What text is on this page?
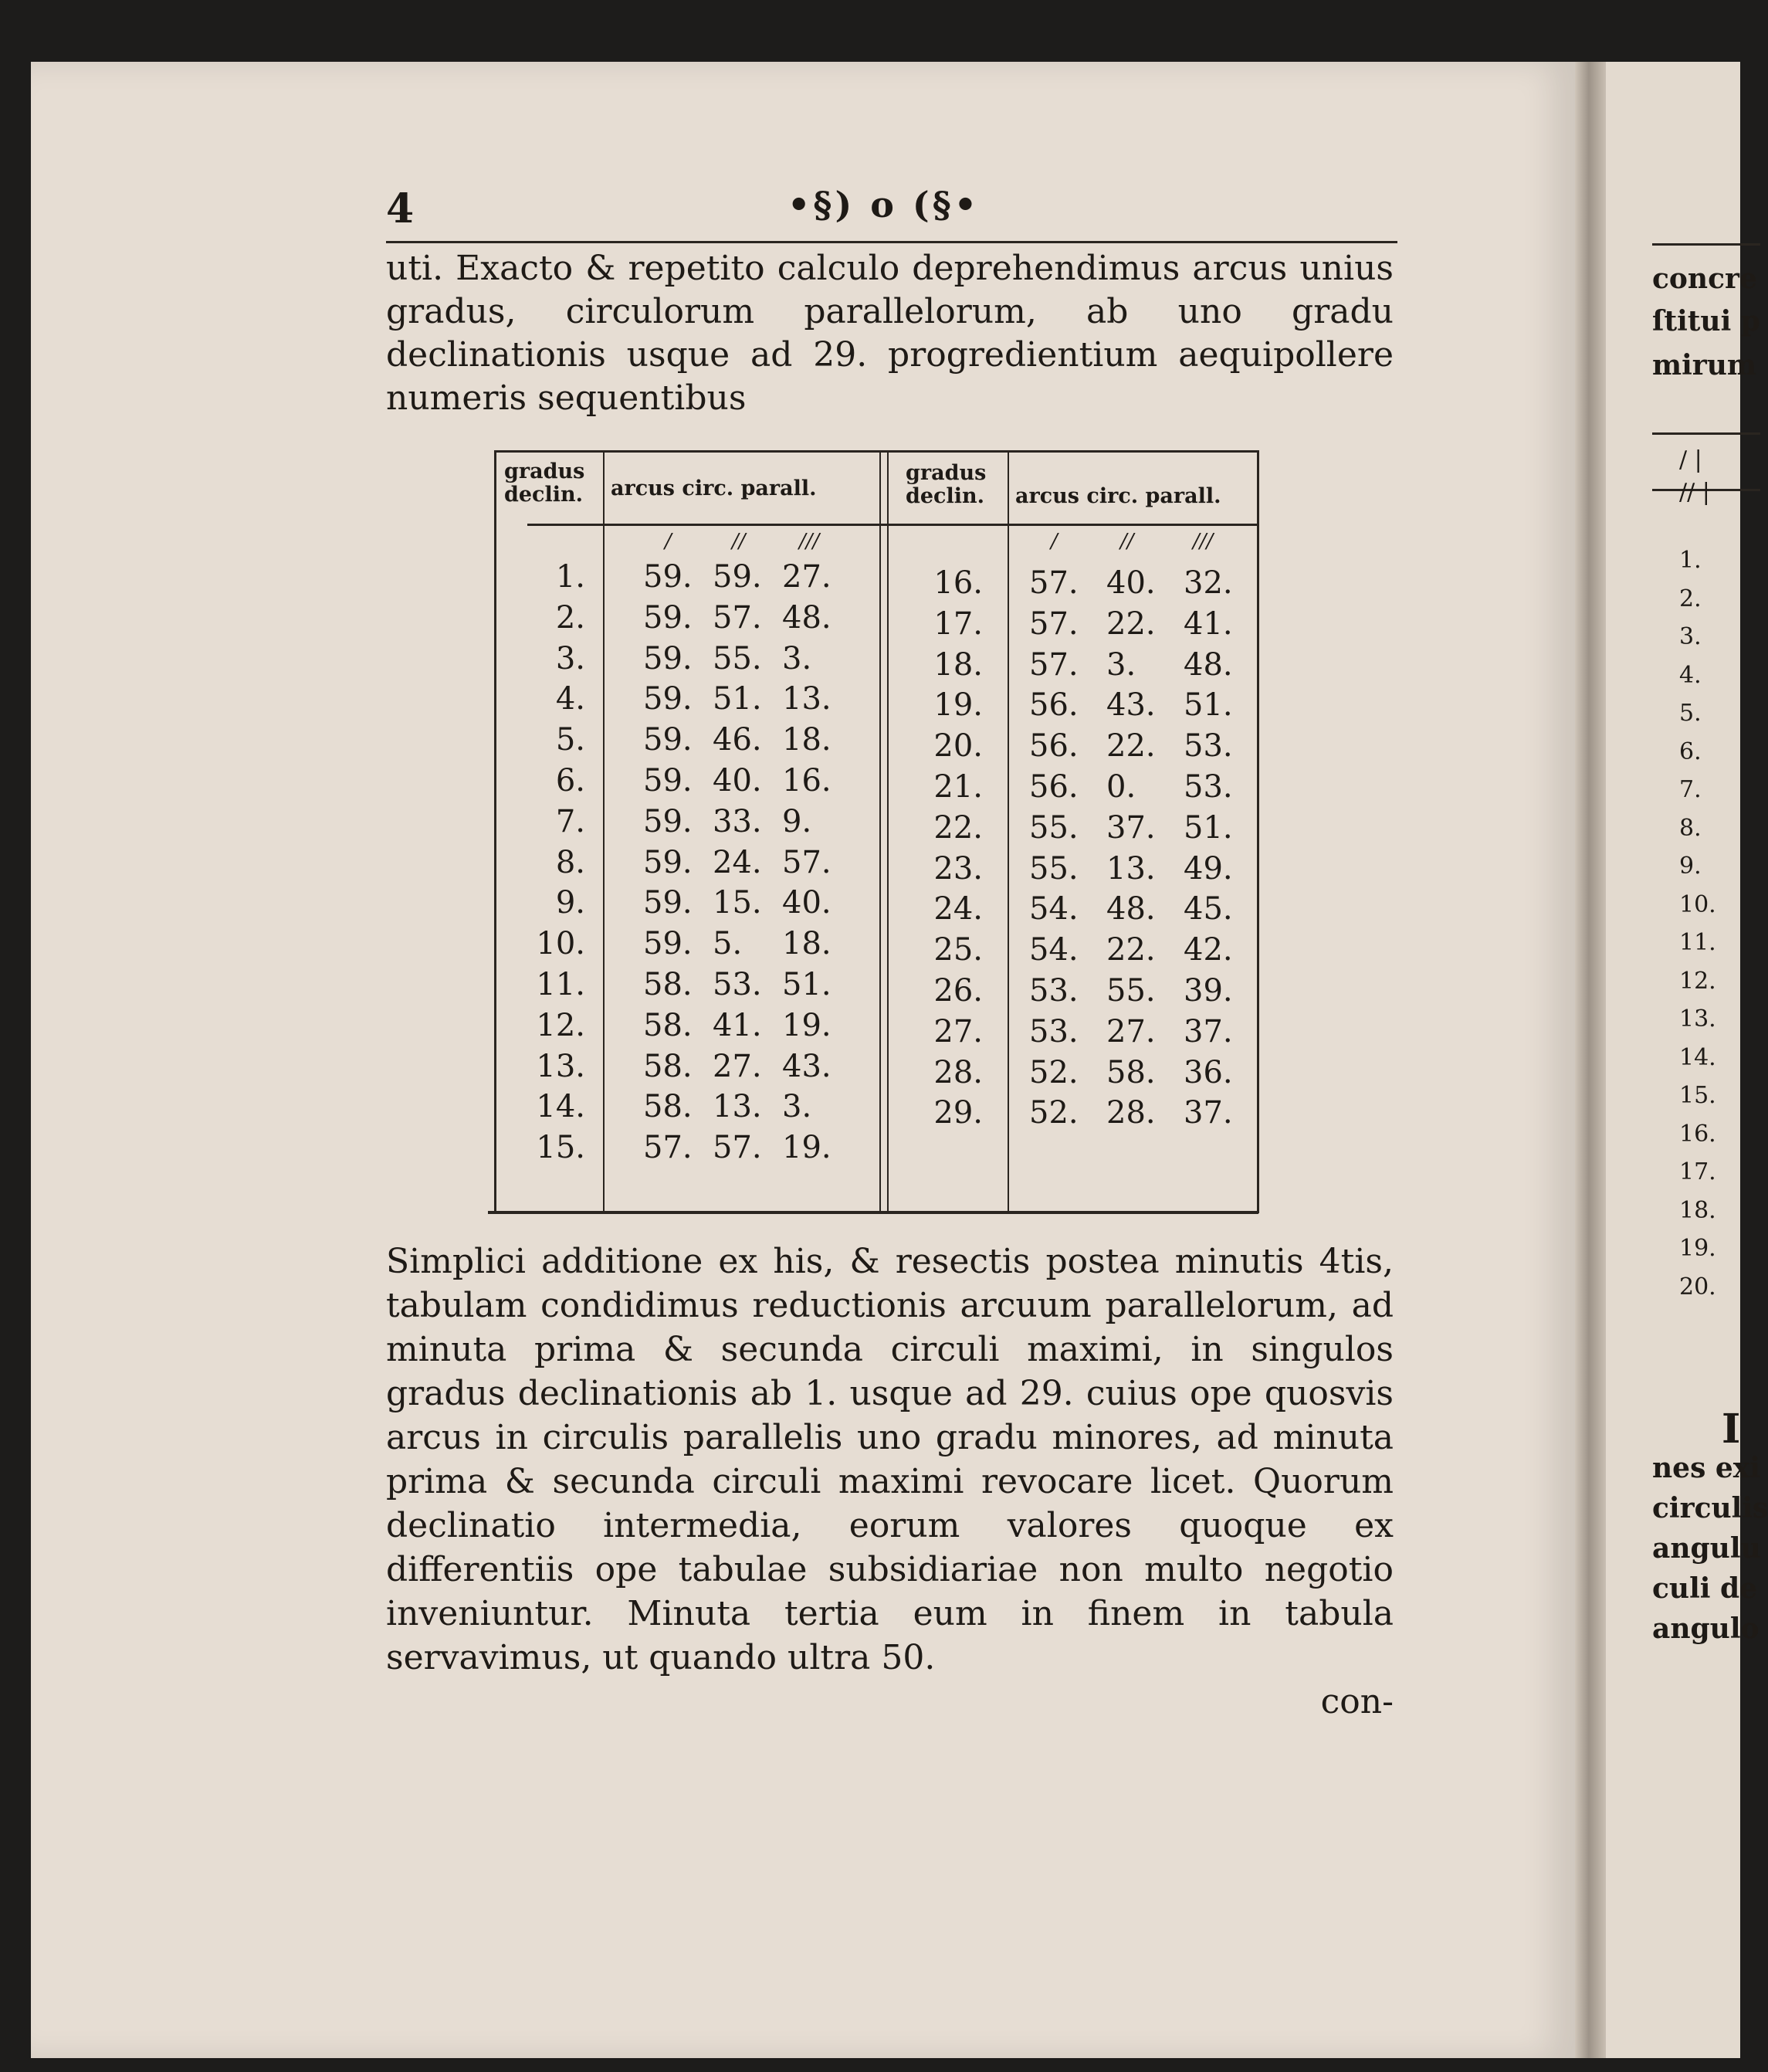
concre
ſtitui p
mirum
/ |
// |
1.
2.
3.
4.
5.
6.
7.
8.
9.
10.
11.
12.
13.
14.
15.
16.
17.
18.
19.
20.
I
nes exi
circulis
angulu
culi de
angulo
4	•§) o (§•
uti. Exacto & repetito calculo deprehendimus arcus unius gradus, circulorum parallelorum, ab uno gradu declinationis usque ad 29. progredientium aequipollere numeris sequentibus
gradus declin.	arcus circ. parall.
gradus declin.	arcus circ. parall.
/	//	///	/	//	///
1. 59. 59. 27.
2. 59. 57. 48.
3. 59. 55. 3.
4. 59. 51. 13.
5. 59. 46. 18.
6. 59. 40. 16.
7. 59. 33. 9.
8. 59. 24. 57.
9. 59. 15. 40.
10. 59. 5. 18.
11. 58. 53. 51.
12. 58. 41. 19.
13. 58. 27. 43.
14. 58. 13. 3.
15. 57. 57. 19.
16. 57. 40. 32.
17. 57. 22. 41.
18. 57. 3. 48.
19. 56. 43. 51.
20. 56. 22. 53.
21. 56. 0. 53.
22. 55. 37. 51.
23. 55. 13. 49.
24. 54. 48. 45.
25. 54. 22. 42.
26. 53. 55. 39.
27. 53. 27. 37.
28. 52. 58. 36.
29. 52. 28. 37.
Simplici additione ex his, & resectis postea minutis 4tis, tabulam condidimus reductionis arcuum parallelorum, ad minuta prima & secunda circuli maximi, in singulos gradus declinationis ab 1. usque ad 29. cuius ope quosvis arcus in circulis parallelis uno gradu minores, ad minuta prima & secunda circuli maximi revocare licet. Quorum declinatio intermedia, eorum valores quoque ex differentiis ope tabulae subsidiariae non multo negotio inveniuntur. Minuta tertia eum in finem in tabula servavimus, ut quando ultra 50.
con-
